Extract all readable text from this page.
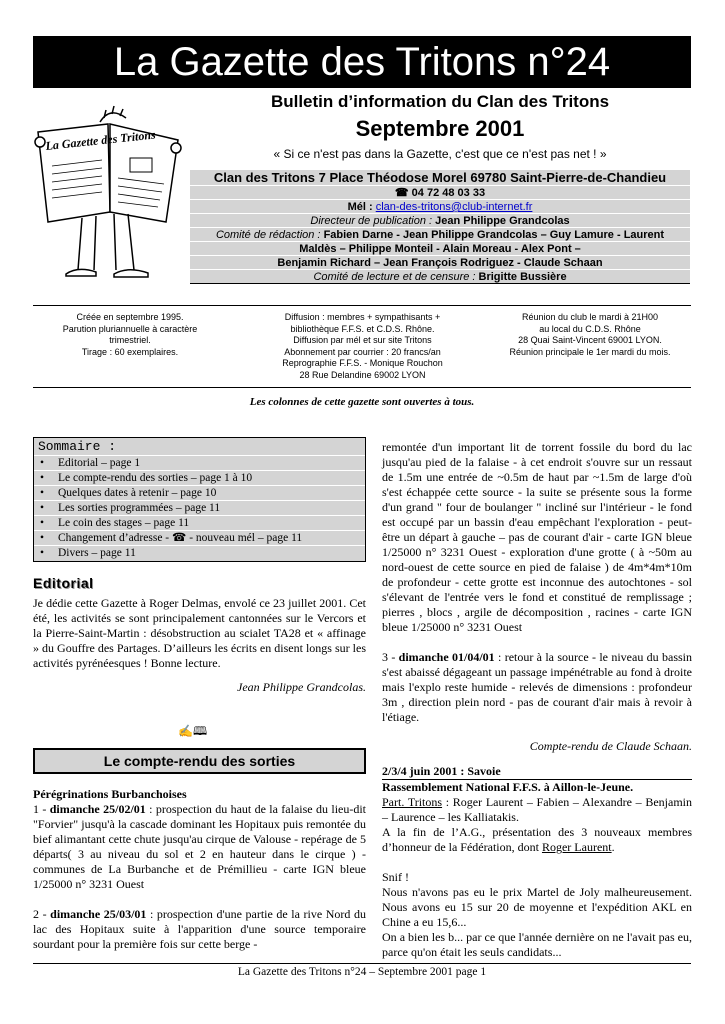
La Gazette des Tritons n°24
La Gazette des Tritons
Bulletin d’information du Clan des Tritons
Septembre 2001
« Si ce n'est pas dans la Gazette, c'est que ce n'est pas net ! »
Clan des Tritons 7 Place Théodose Morel 69780 Saint-Pierre-de-Chandieu
☎ 04 72 48 03 33
Mél : clan-des-tritons@club-internet.fr
Directeur de publication : Jean Philippe Grandcolas
Comité de rédaction : Fabien Darne - Jean Philippe Grandcolas – Guy Lamure - Laurent
Maldès – Philippe Monteil - Alain Moreau - Alex Pont –
Benjamin Richard – Jean François Rodriguez - Claude Schaan
Comité de lecture et de censure : Brigitte Bussière
Créée en septembre 1995.
Parution pluriannuelle à caractère
trimestriel.
Tirage : 60 exemplaires.
Diffusion : membres + sympathisants +
bibliothèque F.F.S. et C.D.S. Rhône.
Diffusion par mél et sur site Tritons
Abonnement par courrier : 20 francs/an
Reprographie F.F.S. - Monique Rouchon
28 Rue Delandine 69002 LYON
Réunion du club le mardi à 21H00
au local du C.D.S. Rhône
28 Quai Saint-Vincent 69001 LYON.
Réunion principale le 1er mardi du mois.
Les colonnes de cette gazette sont ouvertes à tous.
Sommaire :
• Editorial – page 1
• Le compte-rendu des sorties – page 1 à 10
• Quelques dates à retenir – page 10
• Les sorties programmées – page 11
• Le coin des stages – page 11
• Changement d’adresse - ☎ - nouveau mél – page 11
• Divers – page 11
Editorial

Je dédie cette Gazette à Roger Delmas, envolé ce 23 juillet 2001. Cet été, les activités se sont principalement cantonnées sur le Vercors et la Pierre-Saint-Martin : désobstruction au scialet TA28 et « affinage » du Gouffre des Partages. D’ailleurs les écrits en disent longs sur les activités pyrénéesques ! Bonne lecture.

Jean Philippe Grandcolas.

✍🕮
Le compte-rendu des sorties

Pérégrinations Burbanchoises

1 - dimanche 25/02/01 : prospection du haut de la falaise du lieu-dit "Forvier" jusqu'à la cascade dominant les Hopitaux puis remontée du bief alimantant cette chute jusqu'au cirque de Valouse - repérage de 5 départs( 3 au niveau du sol et 2 en hauteur dans le cirque ) - communes de La Burbanche et de Prémillieu - carte IGN bleue 1/25000 n° 3231 Ouest

2 - dimanche 25/03/01 : prospection d'une partie de la rive Nord du lac des Hopitaux suite à l'apparition d'une source temporaire sourdant pour la première fois sur cette berge -

remontée d'un important lit de torrent fossile du bord du lac jusqu'au pied de la falaise - à cet endroit s'ouvre sur un ressaut de 1.5m une entrée de ~0.5m de haut par ~1.5m de large d'où s'est échappée cette source - la suite se présente sous la forme d'un grand " four de boulanger " incliné sur l'intérieur - le fond est occupé par un bassin d'eau empêchant l'exploration - peut-être un départ à gauche – pas de courant d'air - carte IGN bleue 1/25000 n° 3231 Ouest - exploration d'une grotte ( à ~50m au nord-ouest de cette source en pied de falaise ) de 4m*4m*10m de profondeur - cette grotte est inconnue des autochtones - sol s'élevant de l'entrée vers le fond et constitué de remplissage ; pierres , blocs , argile de décomposition , racines - carte IGN bleue 1/25000 n° 3231 Ouest

3 - dimanche 01/04/01 : retour à la source - le niveau du bassin s'est abaissé dégageant un passage impénétrable au fond à droite mais l'explo reste humide - relevés de dimensions : profondeur 3m , direction plein nord - pas de courant d'air mais à revoir à l'étiage.

Compte-rendu de Claude Schaan.

2/3/4 juin 2001 : Savoie

Rassemblement National F.F.S. à Aillon-le-Jeune.

Part. Tritons : Roger Laurent – Fabien – Alexandre – Benjamin – Laurence – les Kalliatakis.

A la fin de l’A.G., présentation des 3 nouveaux membres d’honneur de la Fédération, dont Roger Laurent.

Snif !

Nous n'avons pas eu le prix Martel de Joly malheureusement. Nous avons eu 15 sur 20 de moyenne et l'expédition AKL en Chine a eu 15,6...

On a bien les b... par ce que l'année dernière on ne l'avait pas eu, parce qu'on était les seuls candidats...

La Gazette des Tritons n°24 – Septembre 2001 page 1
